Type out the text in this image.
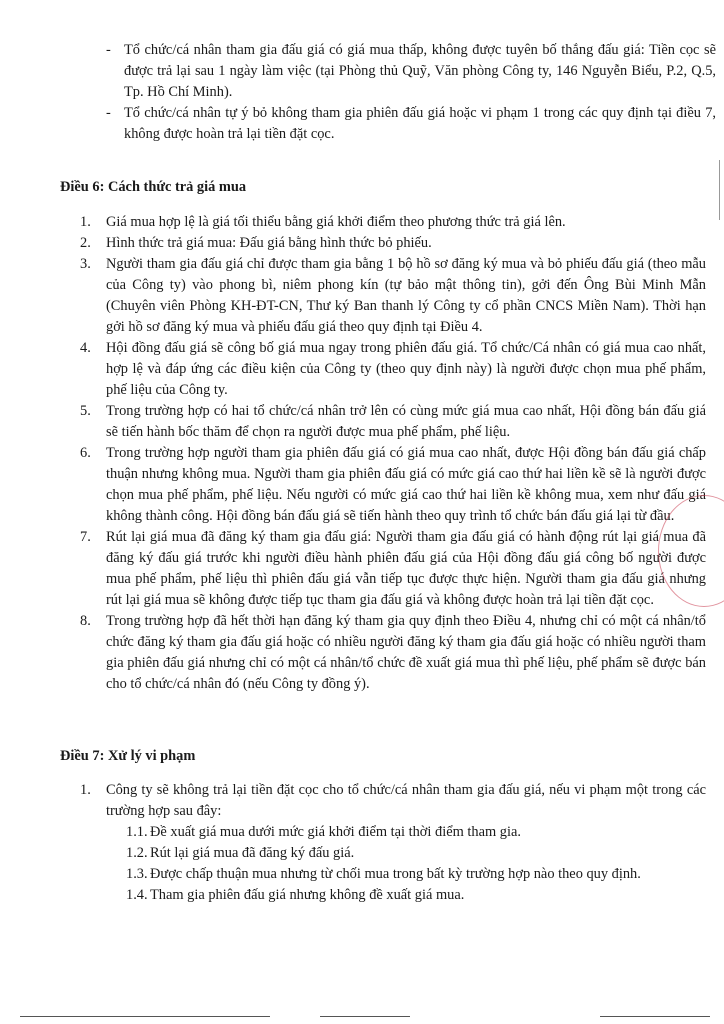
- Tổ chức/cá nhân tham gia đấu giá có giá mua thấp, không được tuyên bố thắng đấu giá: Tiền cọc sẽ được trả lại sau 1 ngày làm việc (tại Phòng thủ Quỹ, Văn phòng Công ty, 146 Nguyễn Biểu, P.2, Q.5, Tp. Hồ Chí Minh).
- Tổ chức/cá nhân tự ý bỏ không tham gia phiên đấu giá hoặc vi phạm 1 trong các quy định tại điều 7, không được hoàn trả lại tiền đặt cọc.
Điều 6: Cách thức trả giá mua
1. Giá mua hợp lệ là giá tối thiểu bằng giá khởi điểm theo phương thức trả giá lên.
2. Hình thức trả giá mua: Đấu giá bằng hình thức bỏ phiếu.
3. Người tham gia đấu giá chỉ được tham gia bằng 1 bộ hồ sơ đăng ký mua và bỏ phiếu đấu giá (theo mẫu của Công ty) vào phong bì, niêm phong kín (tự bảo mật thông tin), gởi đến Ông Bùi Minh Mẫn (Chuyên viên Phòng KH-ĐT-CN, Thư ký Ban thanh lý Công ty cổ phần CNCS Miền Nam). Thời hạn gởi hồ sơ đăng ký mua và phiếu đấu giá theo quy định tại Điều 4.
4. Hội đồng đấu giá sẽ công bố giá mua ngay trong phiên đấu giá. Tổ chức/Cá nhân có giá mua cao nhất, hợp lệ và đáp ứng các điều kiện của Công ty (theo quy định này) là người được chọn mua phế phẩm, phế liệu của Công ty.
5. Trong trường hợp có hai tổ chức/cá nhân trở lên có cùng mức giá mua cao nhất, Hội đồng bán đấu giá sẽ tiến hành bốc thăm để chọn ra người được mua phế phẩm, phế liệu.
6. Trong trường hợp người tham gia phiên đấu giá có giá mua cao nhất, được Hội đồng bán đấu giá chấp thuận nhưng không mua. Người tham gia phiên đấu giá có mức giá cao thứ hai liền kề sẽ là người được chọn mua phế phẩm, phế liệu. Nếu người có mức giá cao thứ hai liền kề không mua, xem như đấu giá không thành công. Hội đồng bán đấu giá sẽ tiến hành theo quy trình tổ chức bán đấu giá lại từ đầu.
7. Rút lại giá mua đã đăng ký tham gia đấu giá: Người tham gia đấu giá có hành động rút lại giá mua đã đăng ký đấu giá trước khi người điều hành phiên đấu giá của Hội đồng đấu giá công bố người được mua phế phẩm, phế liệu thì phiên đấu giá vẫn tiếp tục được thực hiện. Người tham gia đấu giá nhưng rút lại giá mua sẽ không được tiếp tục tham gia đấu giá và không được hoàn trả lại tiền đặt cọc.
8. Trong trường hợp đã hết thời hạn đăng ký tham gia quy định theo Điều 4, nhưng chỉ có một cá nhân/tổ chức đăng ký tham gia đấu giá hoặc có nhiều người đăng ký tham gia đấu giá hoặc có nhiều người tham gia phiên đấu giá nhưng chỉ có một cá nhân/tổ chức đề xuất giá mua thì phế liệu, phế phẩm sẽ được bán cho tổ chức/cá nhân đó (nếu Công ty đồng ý).
Điều 7: Xử lý vi phạm
1. Công ty sẽ không trả lại tiền đặt cọc cho tổ chức/cá nhân tham gia đấu giá, nếu vi phạm một trong các trường hợp sau đây:
1.1. Đề xuất giá mua dưới mức giá khởi điểm tại thời điểm tham gia.
1.2. Rút lại giá mua đã đăng ký đấu giá.
1.3. Được chấp thuận mua nhưng từ chối mua trong bất kỳ trường hợp nào theo quy định.
1.4. Tham gia phiên đấu giá nhưng không đề xuất giá mua.
